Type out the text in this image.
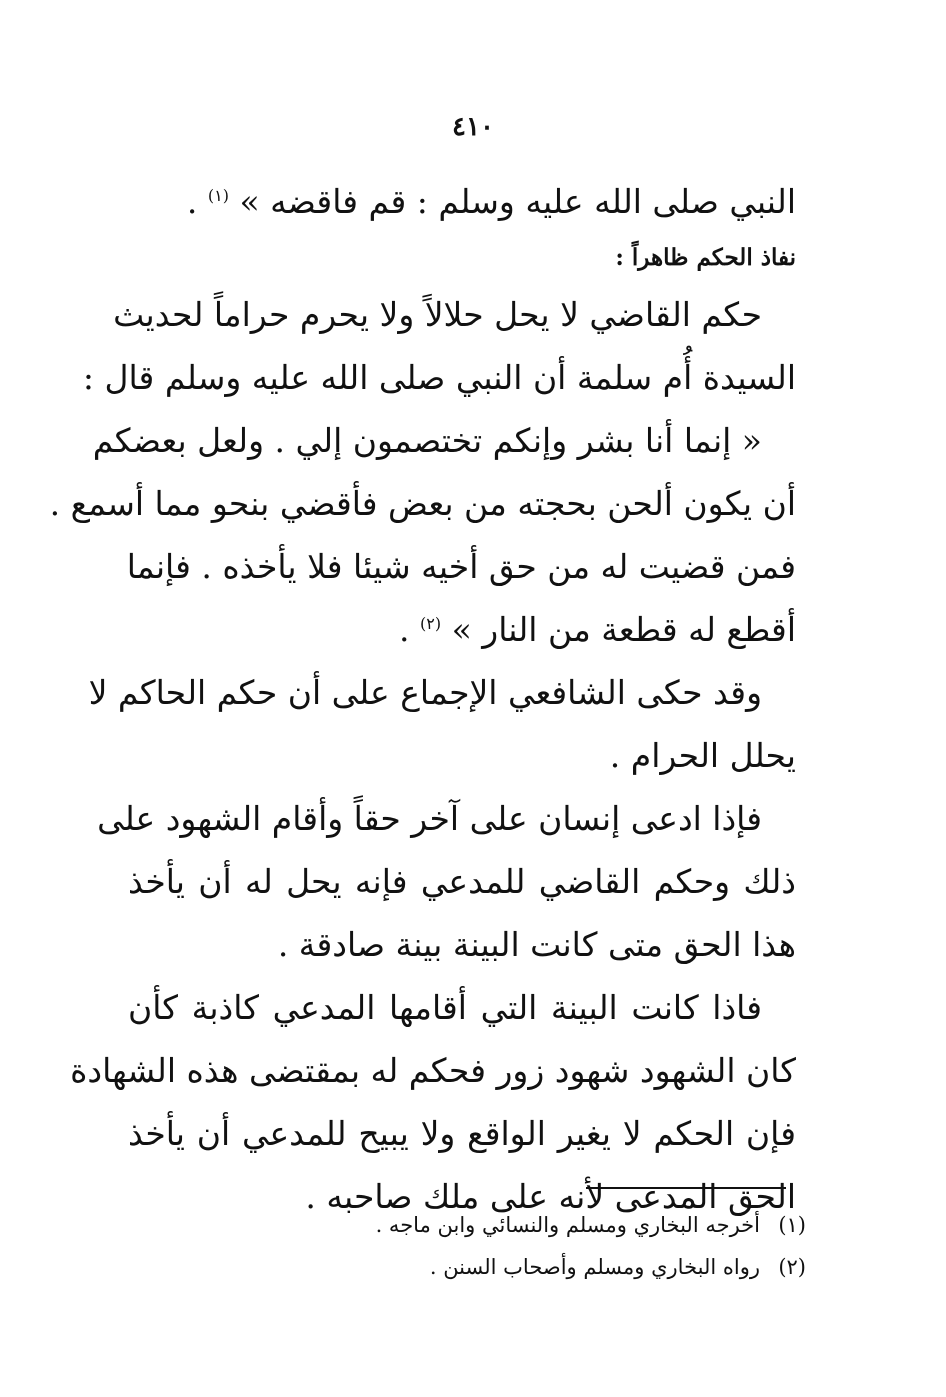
٤١٠
النبي صلى الله عليه وسلم : قم فاقضه » $^{(١)}$ .
نفاذ الحكم ظاهراً :
حكم القاضي لا يحل حلالاً ولا يحرم حراماً لحديث
السيدة أُم سلمة أن النبي صلى الله عليه وسلم قال :
« إنما أنا بشر وإنكم تختصمون إلي . ولعل بعضكم
أن يكون ألحن بحجته من بعض فأقضي بنحو مما أسمع .
فمن قضيت له من حق أخيه شيئا فلا يأخذه . فإنما
أقطع له قطعة من النار » $^{(٢)}$ .
وقد حكى الشافعي الإجماع على أن حكم الحاكم لا
يحلل الحرام .
فإذا ادعى إنسان على آخر حقاً وأقام الشهود على
ذلك وحكم القاضي للمدعي فإنه يحل له أن يأخذ
هذا الحق متى كانت البينة بينة صادقة .
فاذا كانت البينة التي أقامها المدعي كاذبة كأن
كان الشهود شهود زور فحكم له بمقتضى هذه الشهادة
فإن الحكم لا يغير الواقع ولا يبيح للمدعي أن يأخذ
الحق المدعى لأنه على ملك صاحبه .
(١)أخرجه البخاري ومسلم والنسائي وابن ماجه .
(٢)رواه البخاري ومسلم وأصحاب السنن .
